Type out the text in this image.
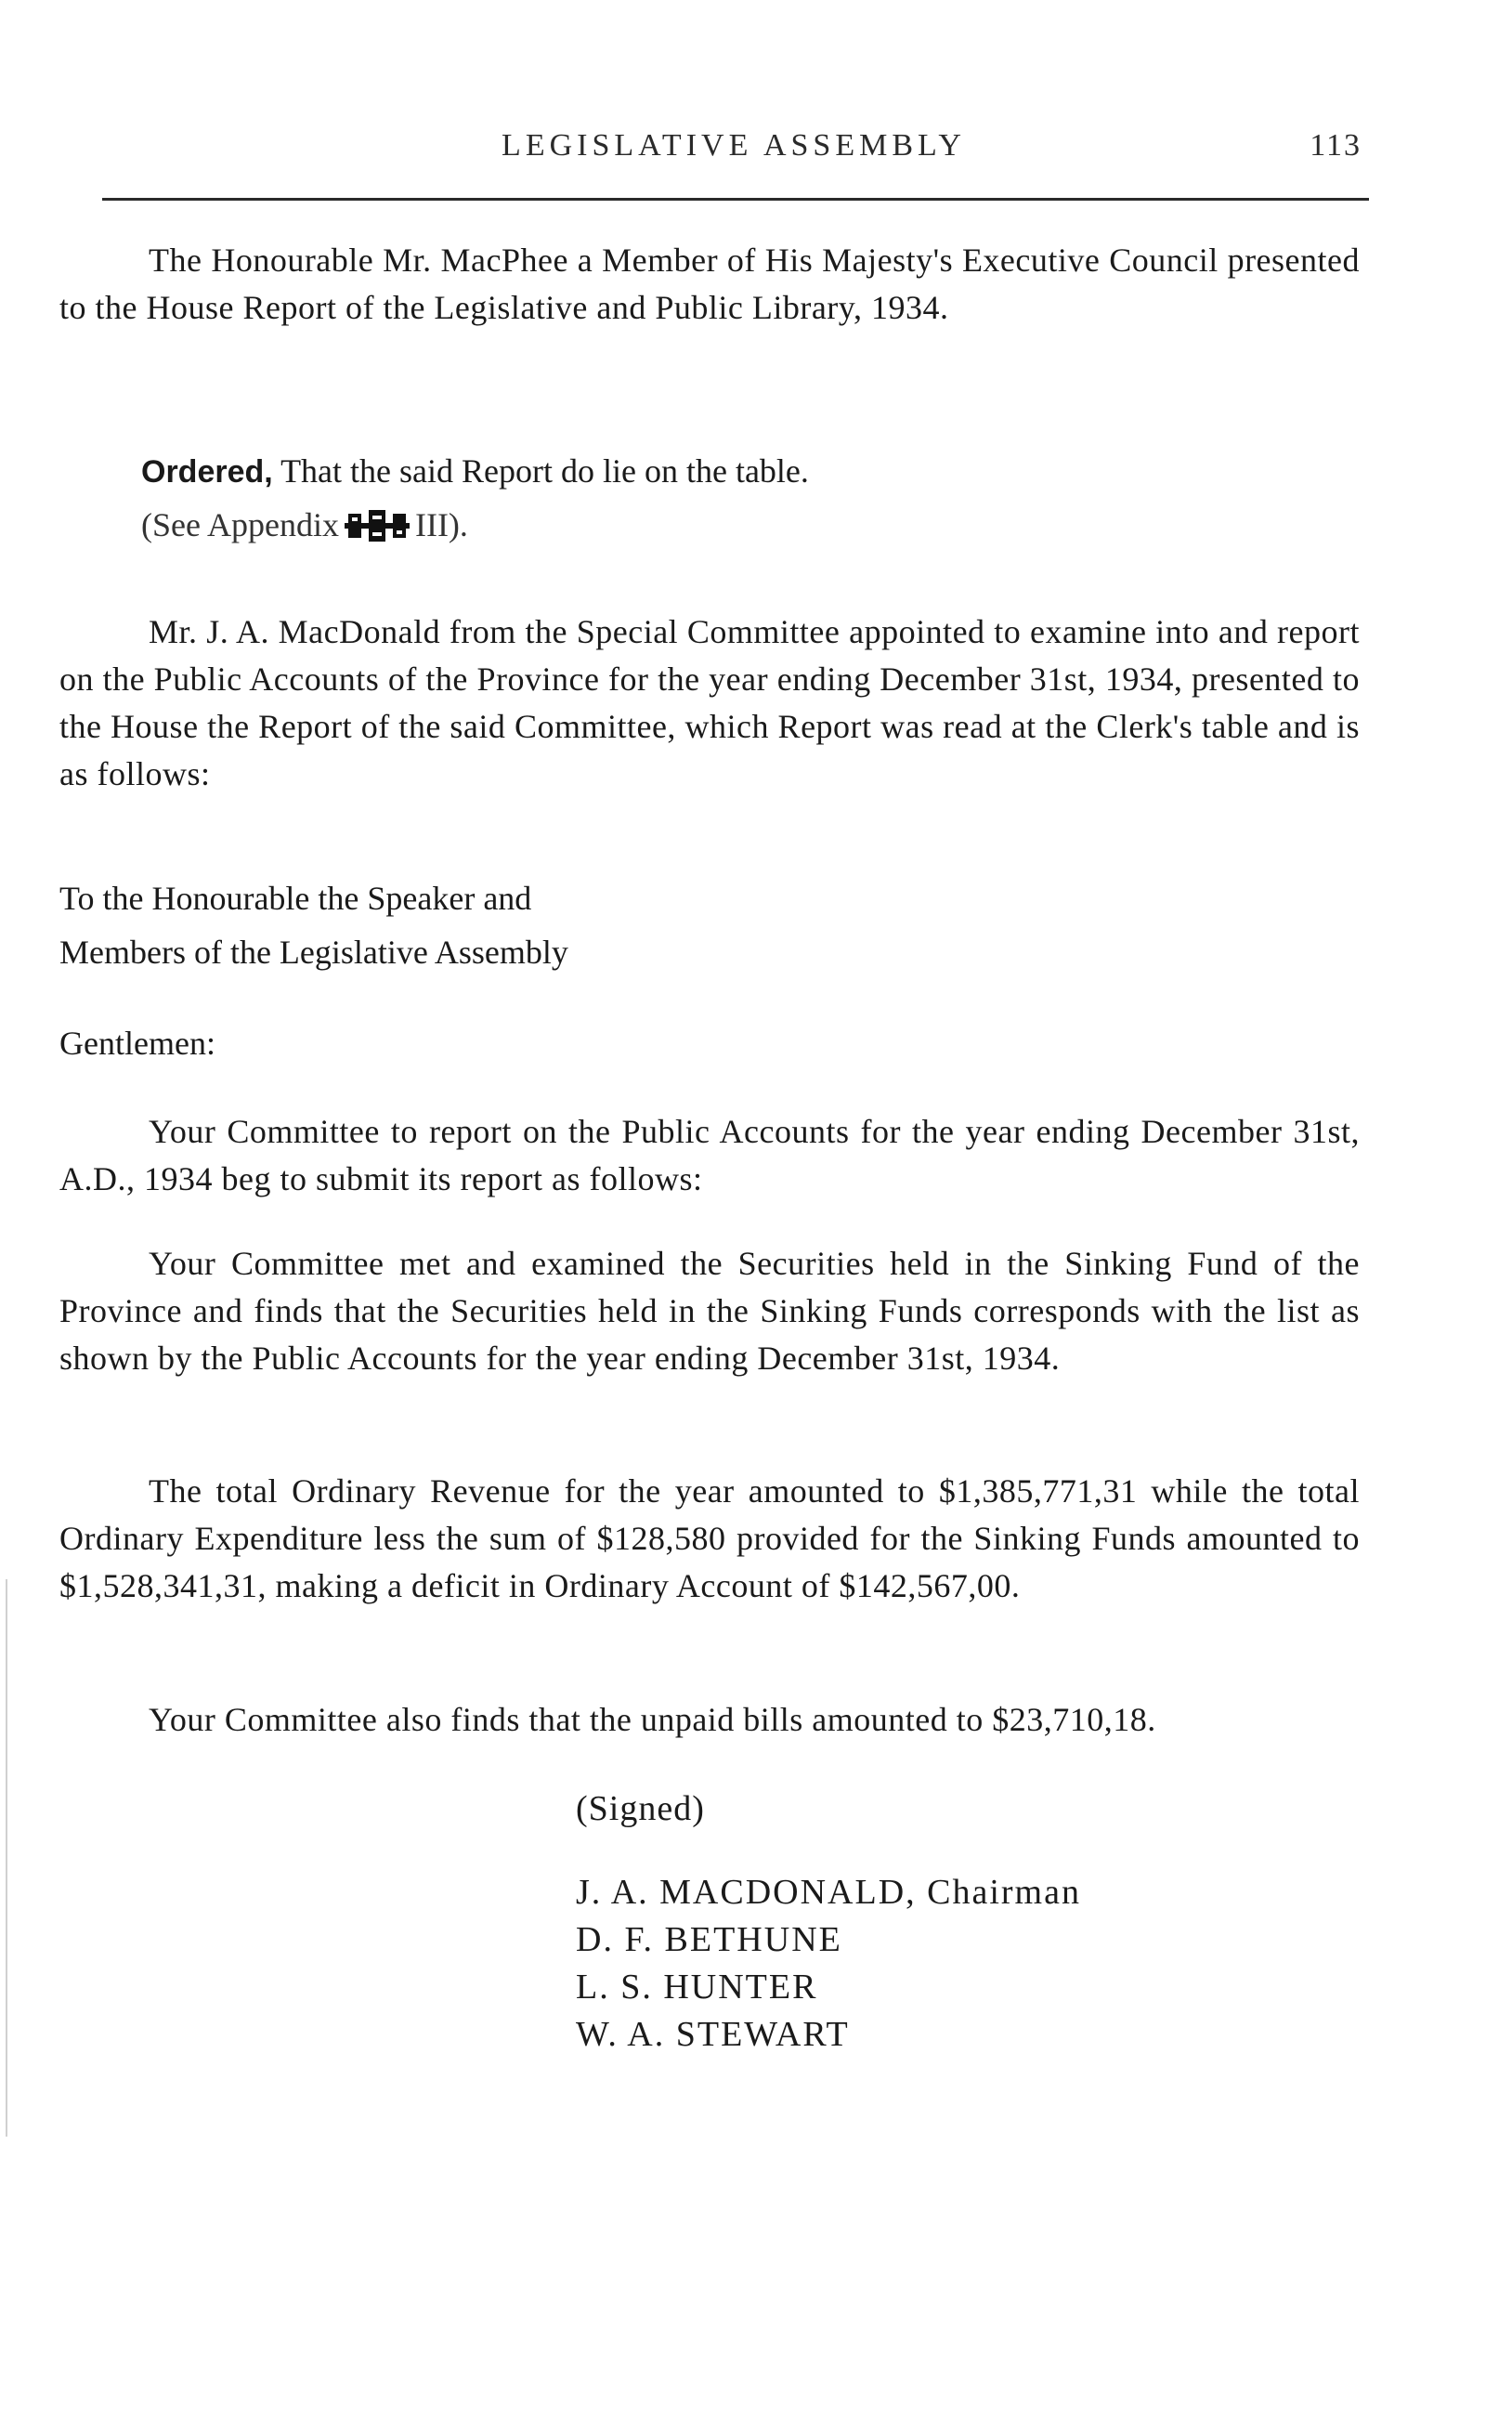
LEGISLATIVE ASSEMBLY	113

The Honourable Mr. MacPhee a Member of His Majesty's Executive Council presented to the House Report of the Legislative and Public Library, 1934.

Ordered, That the said Report do lie on the table.
(See Appendix III).

Mr. J. A. MacDonald from the Special Committee appointed to examine into and report on the Public Accounts of the Province for the year ending December 31st, 1934, presented to the House the Report of the said Committee, which Report was read at the Clerk's table and is as follows:

To the Honourable the Speaker and
Members of the Legislative Assembly
Gentlemen:

Your Committee to report on the Public Accounts for the year ending December 31st, A.D., 1934 beg to submit its report as follows:

Your Committee met and examined the Securities held in the Sinking Fund of the Province and finds that the Securities held in the Sinking Funds corresponds with the list as shown by the Public Accounts for the year ending December 31st, 1934.

The total Ordinary Revenue for the year amounted to $1,385,771,31 while the total Ordinary Expenditure less the sum of $128,580 provided for the Sinking Funds amounted to $1,528,341,31, making a deficit in Ordinary Account of $142,567,00.

Your Committee also finds that the unpaid bills amounted to $23,710,18.

(Signed)
J. A. MACDONALD, Chairman
D. F. BETHUNE
L. S. HUNTER
W. A. STEWART
